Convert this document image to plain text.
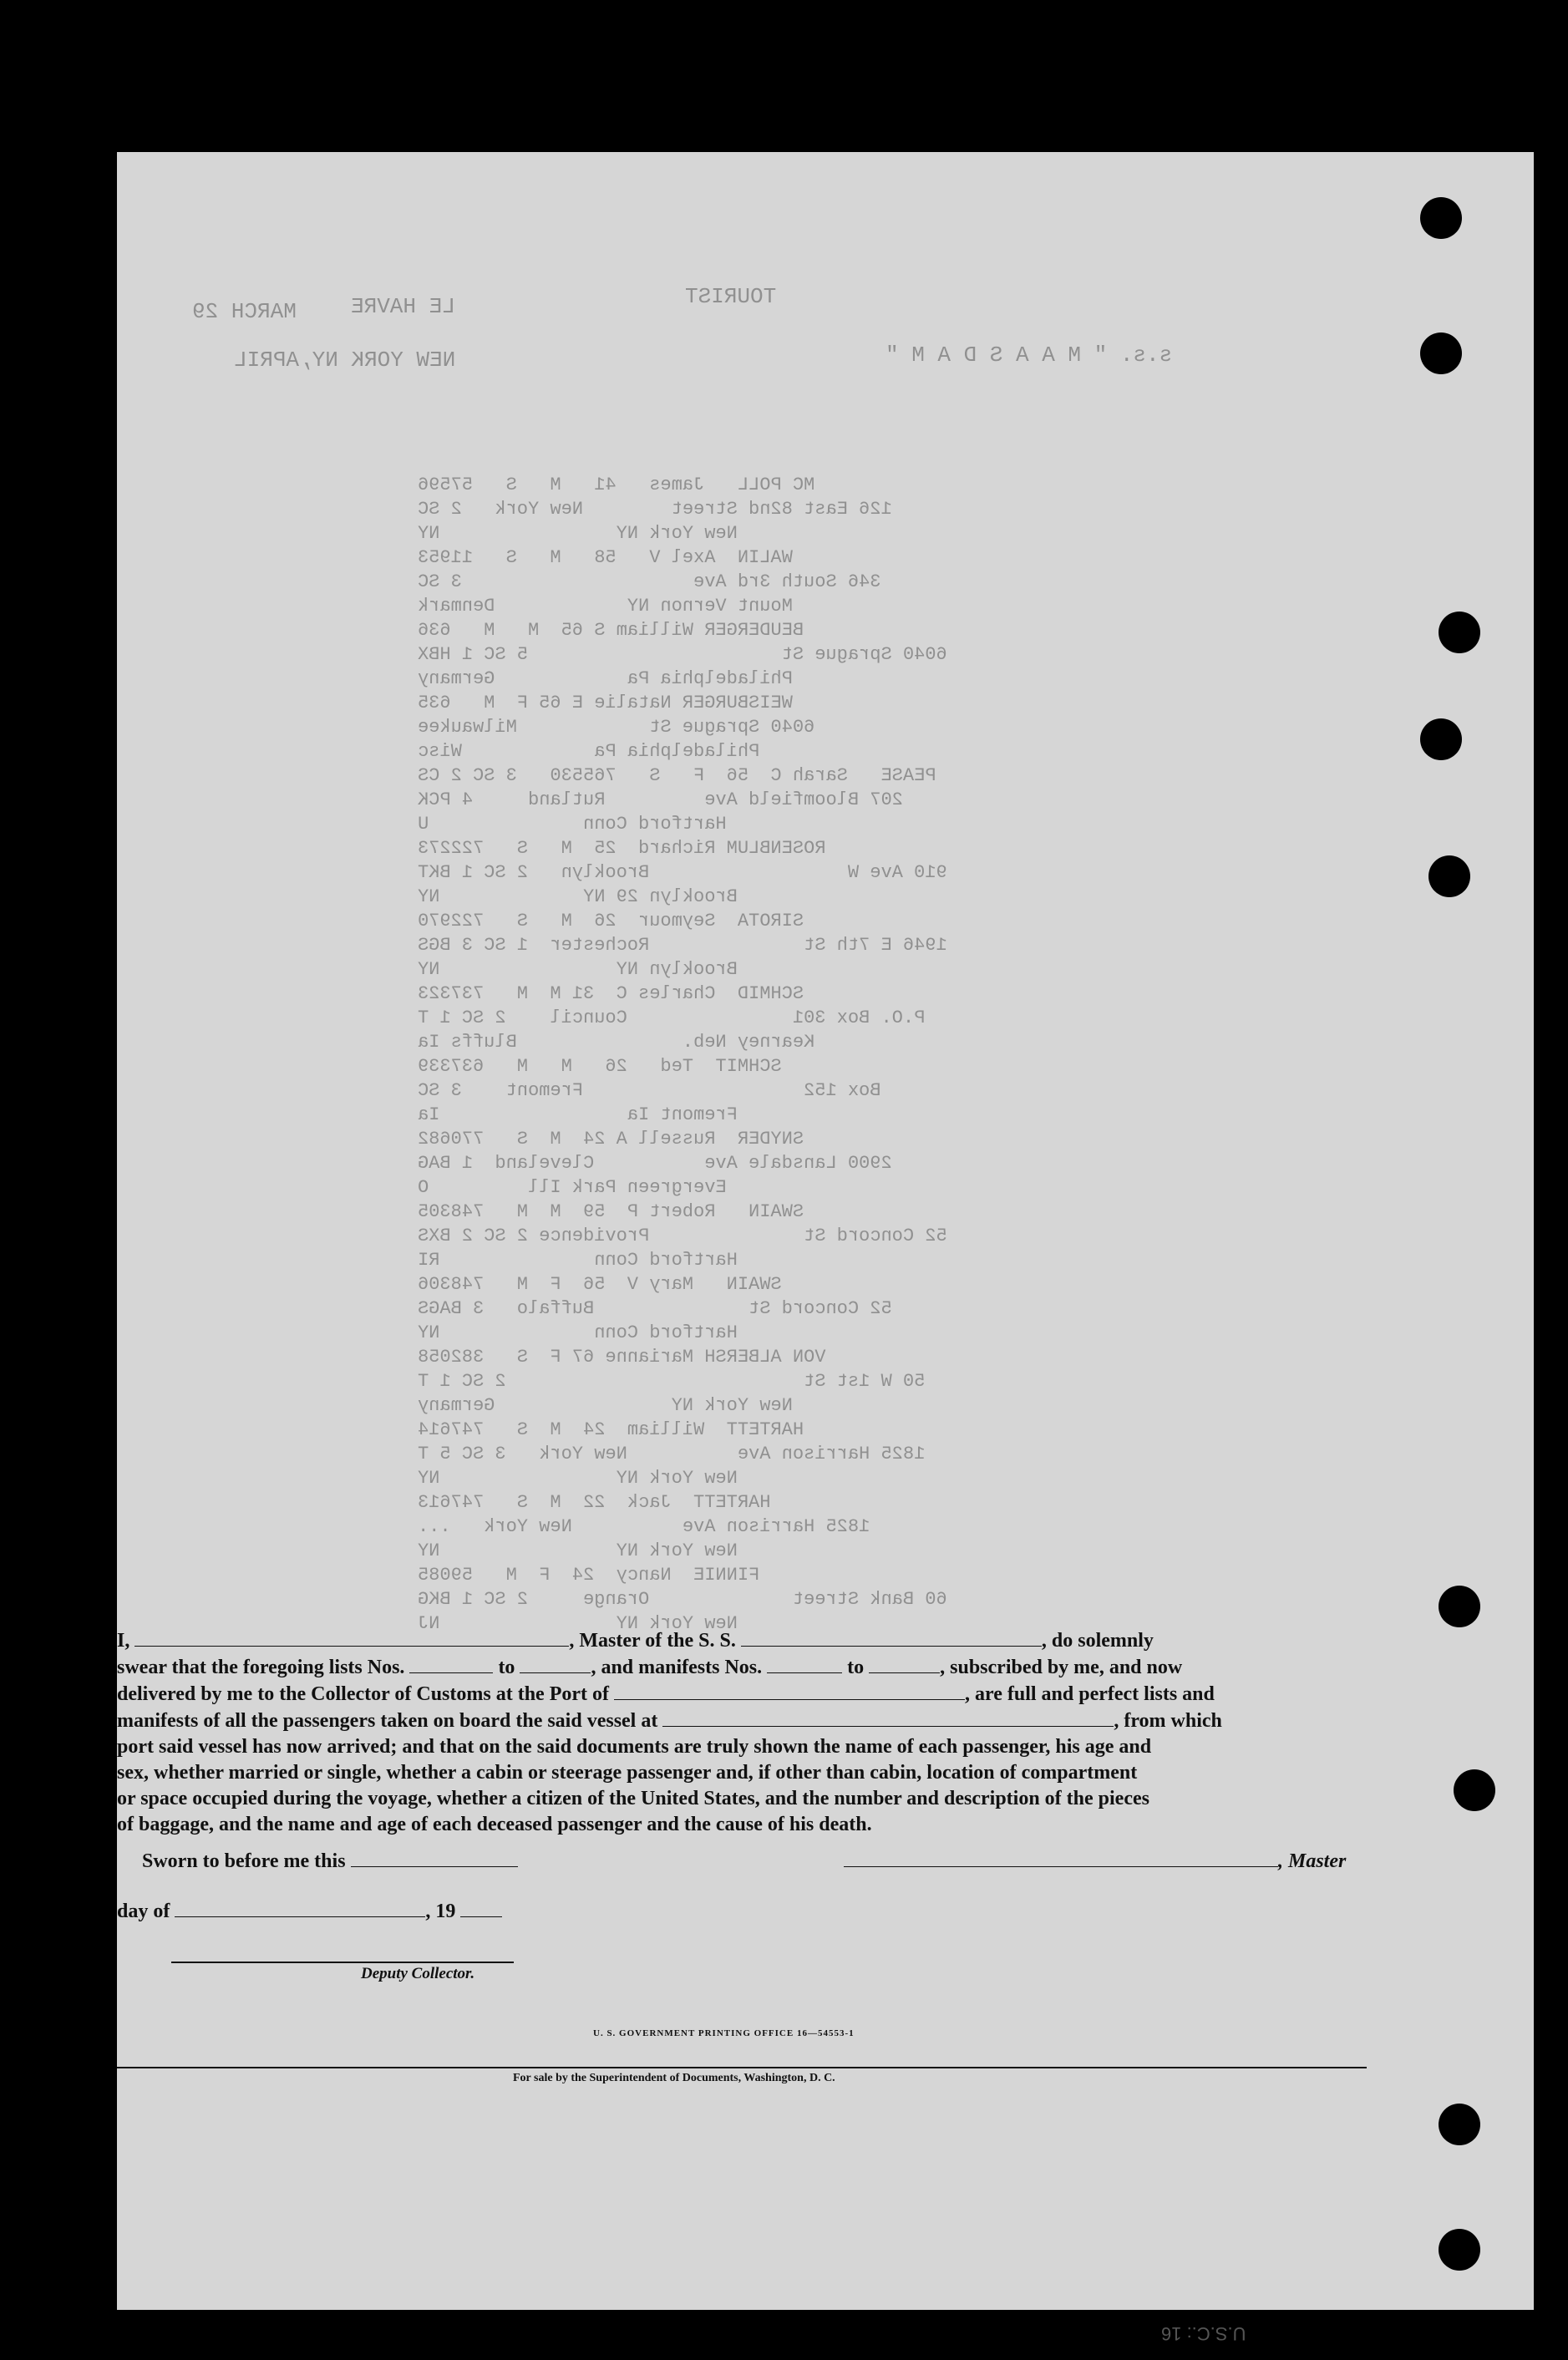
TOURIST
LE HAVRE
MARCH 29
s.s. " M A A S D A M "
NEW YORK NY,APRIL
MC POLL   James   41   M   S   57596
126 East 82nd Street        New York   2 SC
New York NY                NY
WALIN  Axel V   58   M   S   11953
346 South 3rd Ave                     3 SC
Mount Vernon NY            Denmark
BEUDERGER William S 65  M   M   636
6040 Sprague St                       5 SC 1 HBX
Philadelphia Pa            Germany
WEISBURGER Natalie E 65 F  M   635
6040 Sprague St            Milwaukee
Philadelphia Pa            Wisc
PEASE   Sarah C  56  F   S   765530   3 SC 2 CS
207 Bloomfield Ave         Rutland     4 PCK
Hartford Conn              U
ROSENBLUM Richard  25  M   S   722273
910 Ave W                  Brooklyn   2 SC 1 BKT
Brooklyn 29 NY             NY
SIROTA  Seymour  26  M   S   722970
1946 E 7th St              Rochester  1 SC 3 BGS
Brooklyn NY                NY
SCHMID  Charles C  31 M  M   737323
P.O. Box 301               Council    2 SC 1 T
Kearney Neb.               Bluffs Ia
SCHMIT  Ted   26   M   M   637339
Box 152                    Fremont    3 SC
Fremont Ia                 Ia
SNYDER  Russell A 24  M  S   770682
2900 Lansdale Ave          Cleveland  1 BAG
Evergreen Park Ill         O
SWAIN   Robert P  59  M  M   748305
52 Concord St              Providence 2 SC 2 BXS
Hartford Conn              RI
SWAIN   Mary V  56  F  M   748306
52 Concord St              Buffalo   3 BAGS
Hartford Conn              NY
VON ALBERSH Marianne 67 F  S   382058
50 W 1st St                           2 SC 1 T
New York NY                Germany
HARTETT  William  24  M  S   747614
1825 Harrison Ave          New York   3 SC 5 T
New York NY                NY
HARTETT  Jack  22  M  S   747613
1825 Harrison Ave          New York   ...
New York NY                NY
FINNIE  Nancy  24  F  M   59085
60 Bank Street             Orange     2 SC 1 BKG
New York NY                NJ
I,	, Master of the S. S.	, do solemnly
swear that the foregoing lists Nos.	to	, and manifests Nos.	to	, subscribed by me, and now
delivered by me to the Collector of Customs at the Port of	, are full and perfect lists and
manifests of all the passengers taken on board the said vessel at	, from which
port said vessel has now arrived; and that on the said documents are truly shown the name of each passenger, his age and
sex, whether married or single, whether a cabin or steerage passenger and, if other than cabin, location of compartment
or space occupied during the voyage, whether a citizen of the United States, and the number and description of the pieces
of baggage, and the name and age of each deceased passenger and the cause of his death.
Sworn to before me this	, Master
day of	, 19
Deputy Collector.
U. S. GOVERNMENT PRINTING OFFICE 16—54553-1
For sale by the Superintendent of Documents, Washington, D. C.
U.S.C.: 16
